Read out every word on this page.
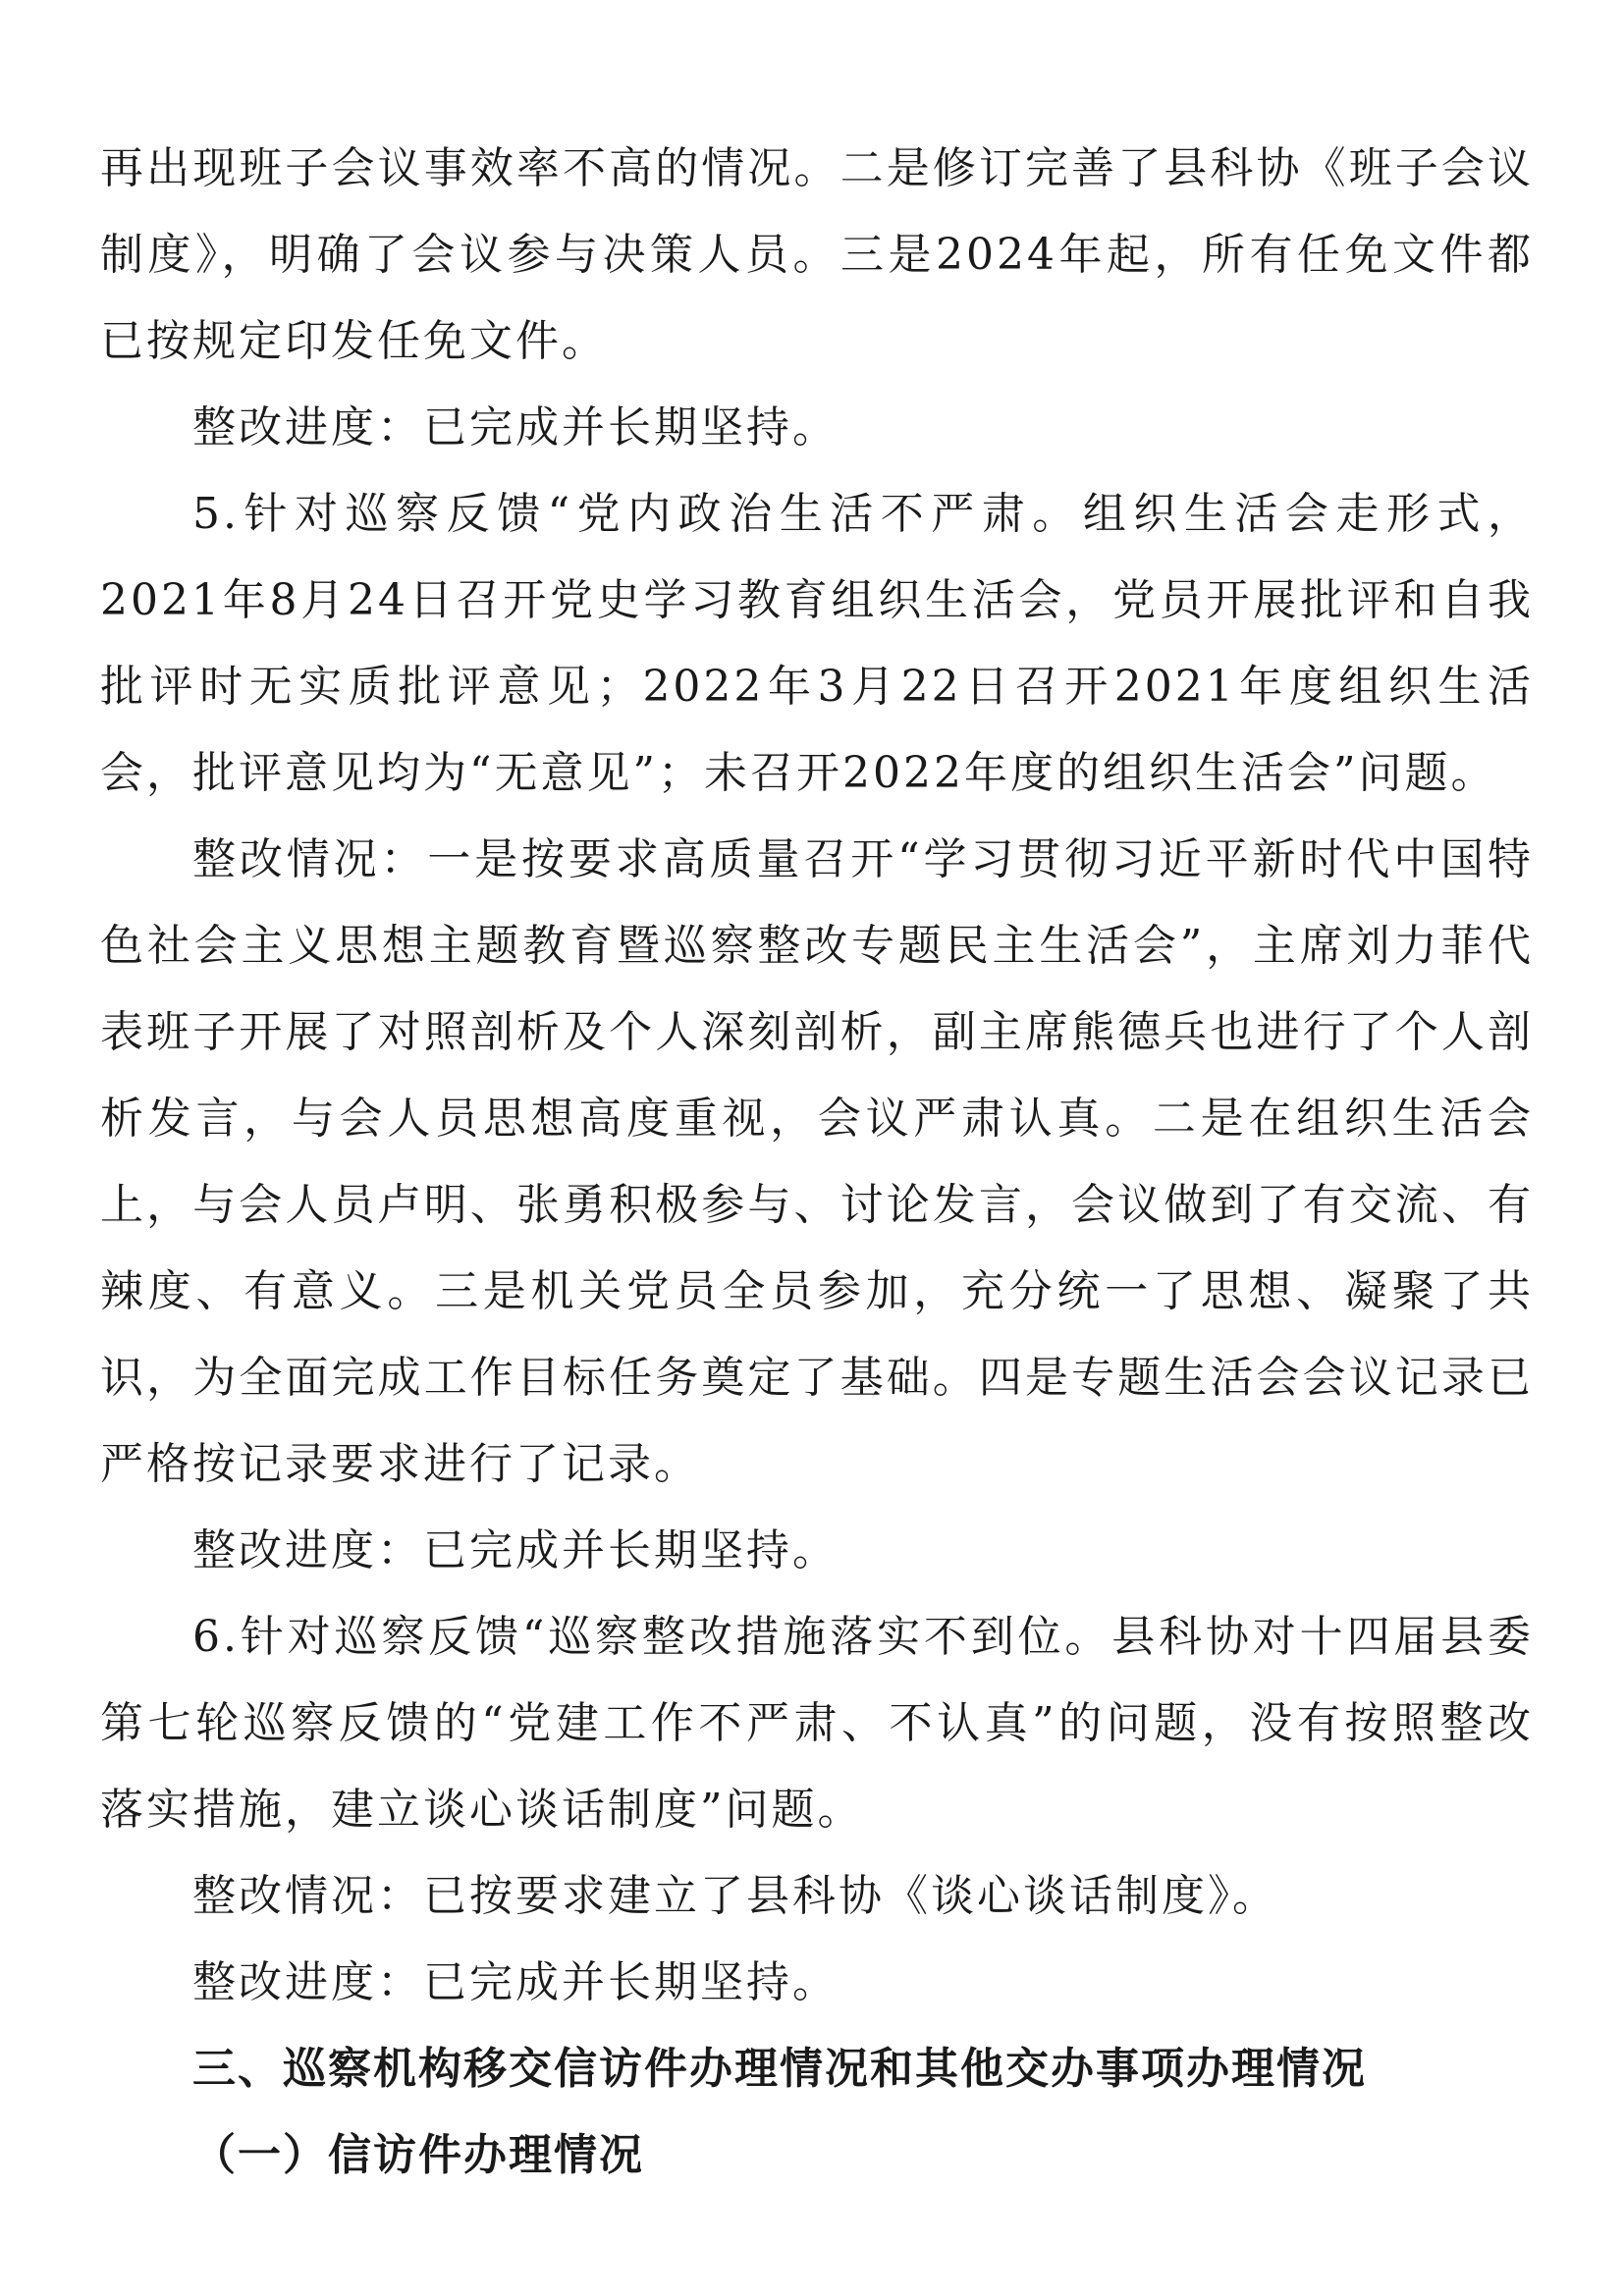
再出现班子会议事效率不高的情况。二是修订完善了县科协《班子会议制度》，明确了会议参与决策人员。三是2024年起，所有任免文件都已按规定印发任免文件。

整改进度：已完成并长期坚持。

5.针对巡察反馈“党内政治生活不严肃。组织生活会走形式，2021年8月24日召开党史学习教育组织生活会，党员开展批评和自我批评时无实质批评意见；2022年3月22日召开2021年度组织生活会，批评意见均为“无意见”；未召开2022年度的组织生活会”问题。

整改情况：一是按要求高质量召开“学习贯彻习近平新时代中国特色社会主义思想主题教育暨巡察整改专题民主生活会”，主席刘力菲代表班子开展了对照剖析及个人深刻剖析，副主席熊德兵也进行了个人剖析发言，与会人员思想高度重视，会议严肃认真。二是在组织生活会上，与会人员卢明、张勇积极参与、讨论发言，会议做到了有交流、有辣度、有意义。三是机关党员全员参加，充分统一了思想、凝聚了共识，为全面完成工作目标任务奠定了基础。四是专题生活会会议记录已严格按记录要求进行了记录。

整改进度：已完成并长期坚持。

6.针对巡察反馈“巡察整改措施落实不到位。县科协对十四届县委第七轮巡察反馈的“党建工作不严肃、不认真”的问题，没有按照整改落实措施，建立谈心谈话制度”问题。

整改情况：已按要求建立了县科协《谈心谈话制度》。

整改进度：已完成并长期坚持。

三、巡察机构移交信访件办理情况和其他交办事项办理情况

（一）信访件办理情况
